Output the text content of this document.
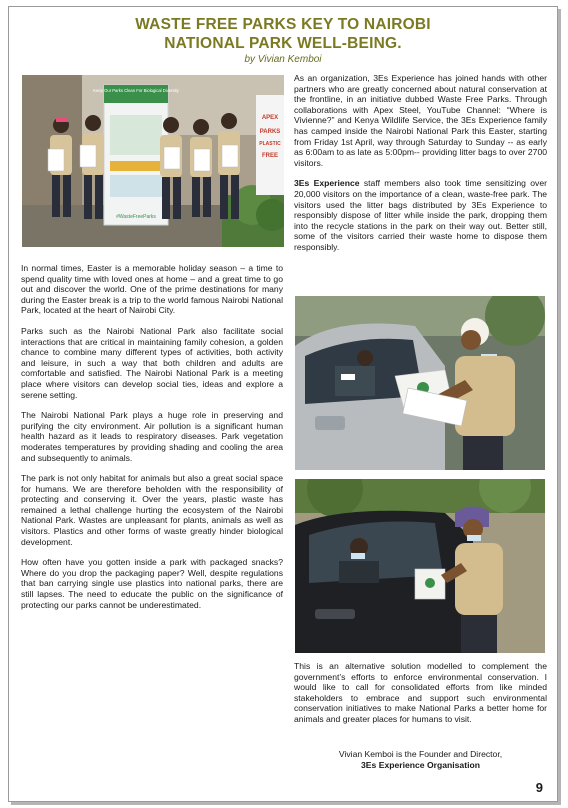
WASTE FREE PARKS KEY TO NAIROBI
NATIONAL PARK WELL-BEING.
by Vivian Kemboi
Keep Our Parks Clean For Biological Diversity
#WasteFreeParks
APEX
PARKS
PLASTIC
FREE

In normal times, Easter is a memorable holiday season – a time to spend quality time with loved ones at home – and a great time to go out and discover the world. One of the prime destinations for many during the Easter break is a trip to the world famous Nairobi National Park, located at the heart of Nairobi City.

Parks such as the Nairobi National Park also facilitate social interactions that are critical in maintaining family cohesion, a golden chance to combine many different types of activities, both activity and leisure, in such a way that both children and adults are comfortable and satisfied. The Nairobi National Park is a meeting place where visitors can develop social ties, ideas and explore a serene setting.

The Nairobi National Park plays a huge role in preserving and purifying the city environment. Air pollution is a significant human health hazard as it leads to respiratory diseases. Park vegetation moderates temperatures by providing shading and cooling the area and subsequently to animals.

The park is not only habitat for animals but also a great social space for humans. We are therefore beholden with the responsibility of protecting and conserving it. Over the years, plastic waste has remained a lethal challenge hurting the ecosystem of the Nairobi National Park. Wastes are unpleasant for plants, animals as well as visitors. Plastics and other forms of waste greatly hinder biological development.

How often have you gotten inside a park with packaged snacks? Where do you drop the packaging paper? Well, despite regulations that ban carrying single use plastics into national parks, there are still lapses. The need to educate the public on the significance of protecting our parks cannot be underestimated.

As an organization, 3Es Experience has joined hands with other partners who are greatly concerned about natural conservation at the frontline, in an initiative dubbed Waste Free Parks. Through collaborations with Apex Steel, YouTube Channel: “Where is Vivienne?” and Kenya Wildlife Service, the 3Es Experience family has camped inside the Nairobi National Park this Easter, starting from Friday 1st April, way through Saturday to Sunday -- as early as 6:00am to as late as 5:00pm-- providing litter bags to over 2700 visitors.

3Es Experience staff members also took time sensitizing over 20,000 visitors on the importance of a clean, waste-free park. The visitors used the litter bags distributed by 3Es Experience to responsibly dispose of litter while inside the park, dropping them into the recycle stations in the park on their way out. Better still, some of the visitors carried their waste home to dispose them responsibly.

This is an alternative solution modelled to complement the government’s efforts to enforce environmental conservation. I would like to call for consolidated efforts from like minded stakeholders to embrace and support such environmental conservation initiatives to make National Parks a better home for animals and greater places for humans to visit.

Vivian Kemboi is the Founder and Director,
3Es Experience Organisation
9
